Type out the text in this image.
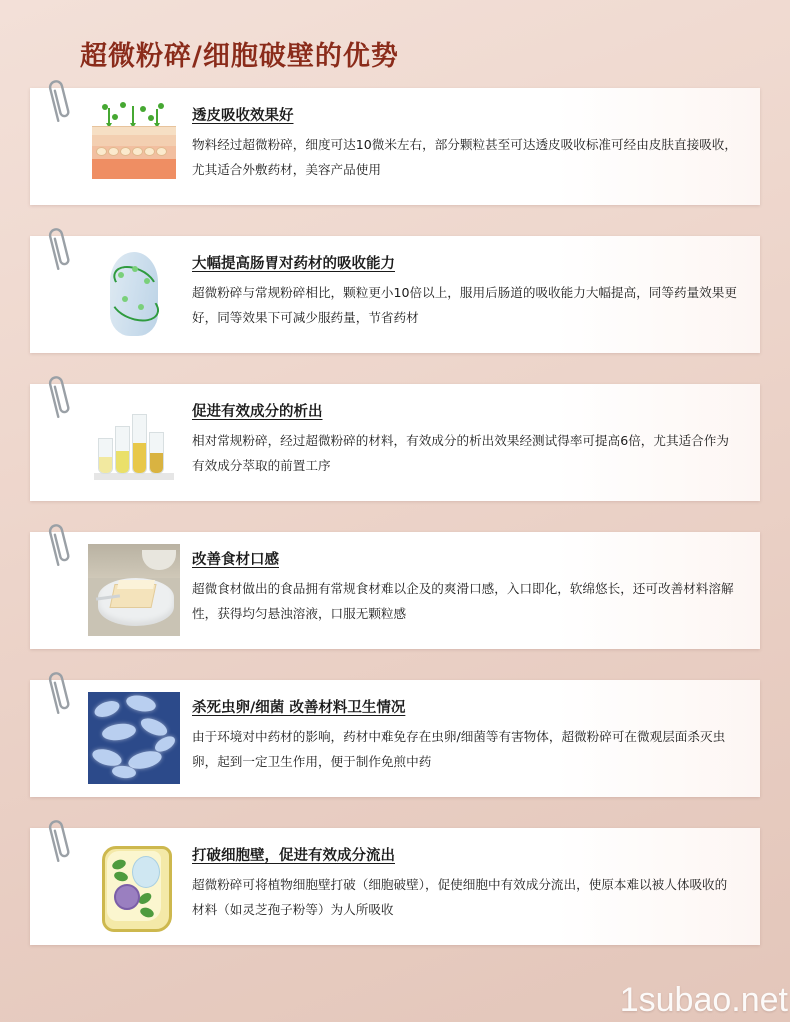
超微粉碎/细胞破壁的优势
透皮吸收效果好
物料经过超微粉碎，细度可达10微米左右，部分颗粒甚至可达透皮吸收标准可经由皮肤直接吸收，尤其适合外敷药材，美容产品使用
大幅提高肠胃对药材的吸收能力
超微粉碎与常规粉碎相比，颗粒更小10倍以上，服用后肠道的吸收能力大幅提高，同等药量效果更好，同等效果下可减少服药量，节省药材
促进有效成分的析出
相对常规粉碎，经过超微粉碎的材料，有效成分的析出效果经测试得率可提高6倍，尤其适合作为有效成分萃取的前置工序
改善食材口感
超微食材做出的食品拥有常规食材难以企及的爽滑口感，入口即化，软绵悠长，还可改善材料溶解性，获得均匀悬浊溶液，口服无颗粒感
杀死虫卵/细菌 改善材料卫生情况
由于环境对中药材的影响，药材中难免存在虫卵/细菌等有害物体，超微粉碎可在微观层面杀灭虫卵，起到一定卫生作用，便于制作免煎中药
打破细胞壁，促进有效成分流出
超微粉碎可将植物细胞壁打破（细胞破壁），促使细胞中有效成分流出，使原本难以被人体吸收的材料（如灵芝孢子粉等）为人所吸收
1subao.net
